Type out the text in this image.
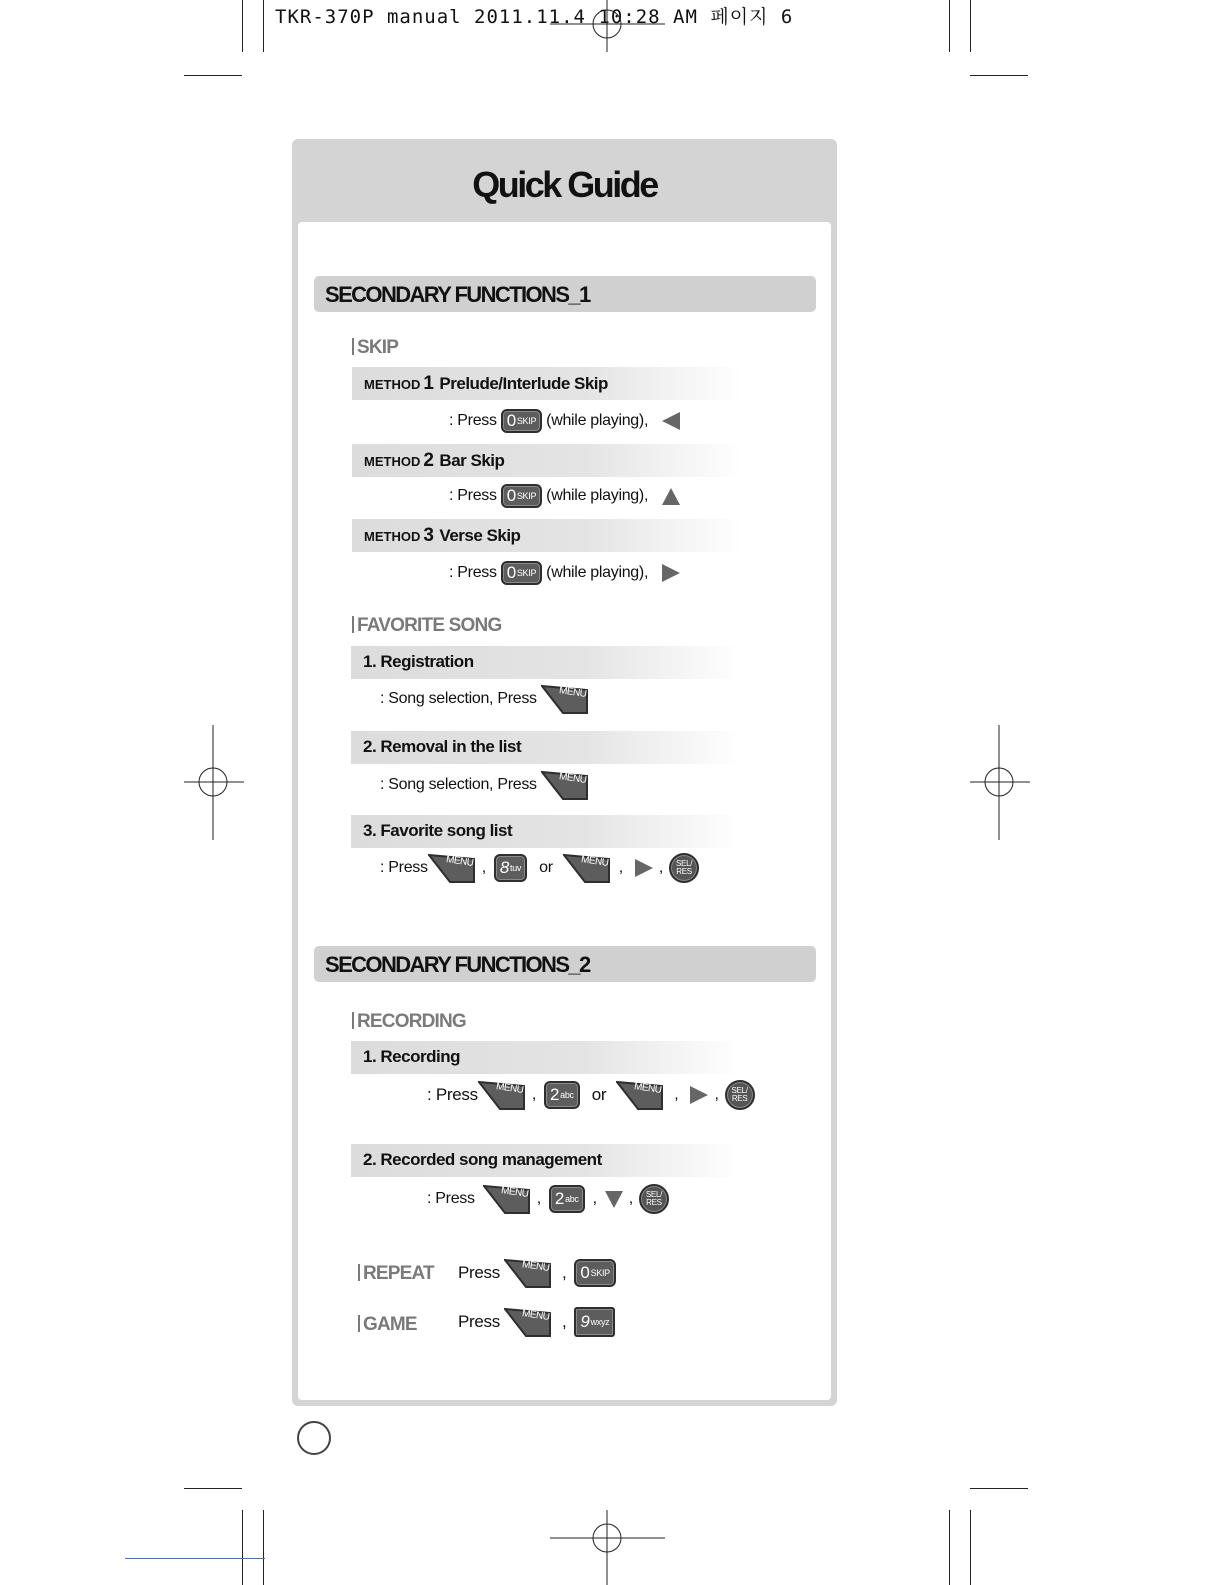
TKR-370P manual 2011.11.4 10:28 AM 페이지 6
Quick Guide
SECONDARY FUNCTIONS_1
SKIP
METHOD 1 Prelude/Interlude Skip
: Press 0 SKIP (while playing),
METHOD 2 Bar Skip
: Press 0 SKIP (while playing),
METHOD 3 Verse Skip
: Press 0 SKIP (while playing),
FAVORITE SONG
1. Registration
: Song selection, Press MENU
2. Removal in the list
: Song selection, Press MENU
3. Favorite song list
: Press MENU , 8 tuv or	MENU , , SEL/
RES
SECONDARY FUNCTIONS_2
RECORDING
1. Recording
: Press MENU , 2 abc or	MENU , , SEL/
RES
2. Recorded song management
: Press	MENU , 2 abc , , SEL/
RES
REPEAT Press MENU , 0 SKIP
GAME Press MENU , 9 wxyz
